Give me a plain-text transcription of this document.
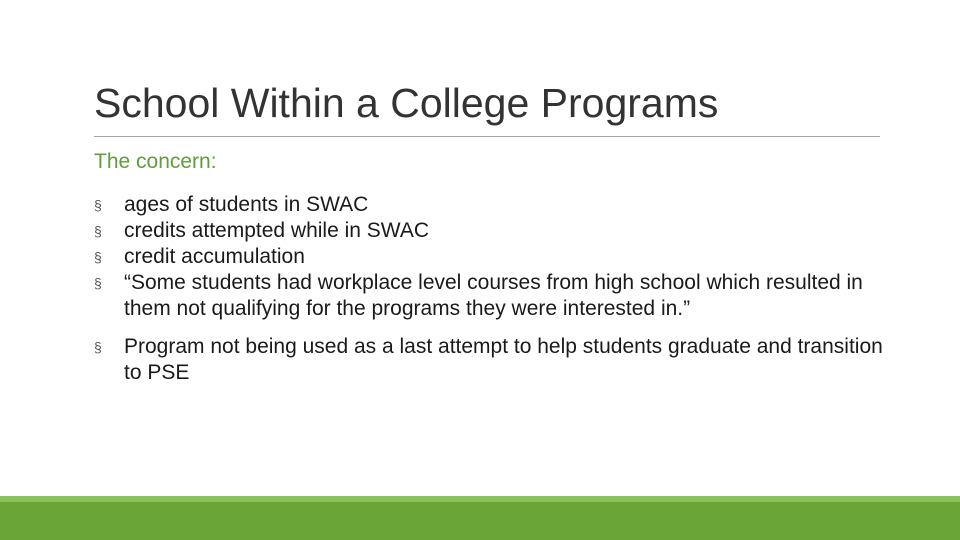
School Within a College Programs
The concern:
§ ages of students in SWAC
§ credits attempted while in SWAC
§ credit accumulation
§ “Some students had workplace level courses from high school which resulted in them not qualifying for the programs they were interested in.”
§ Program not being used as a last attempt to help students graduate and transition to PSE
